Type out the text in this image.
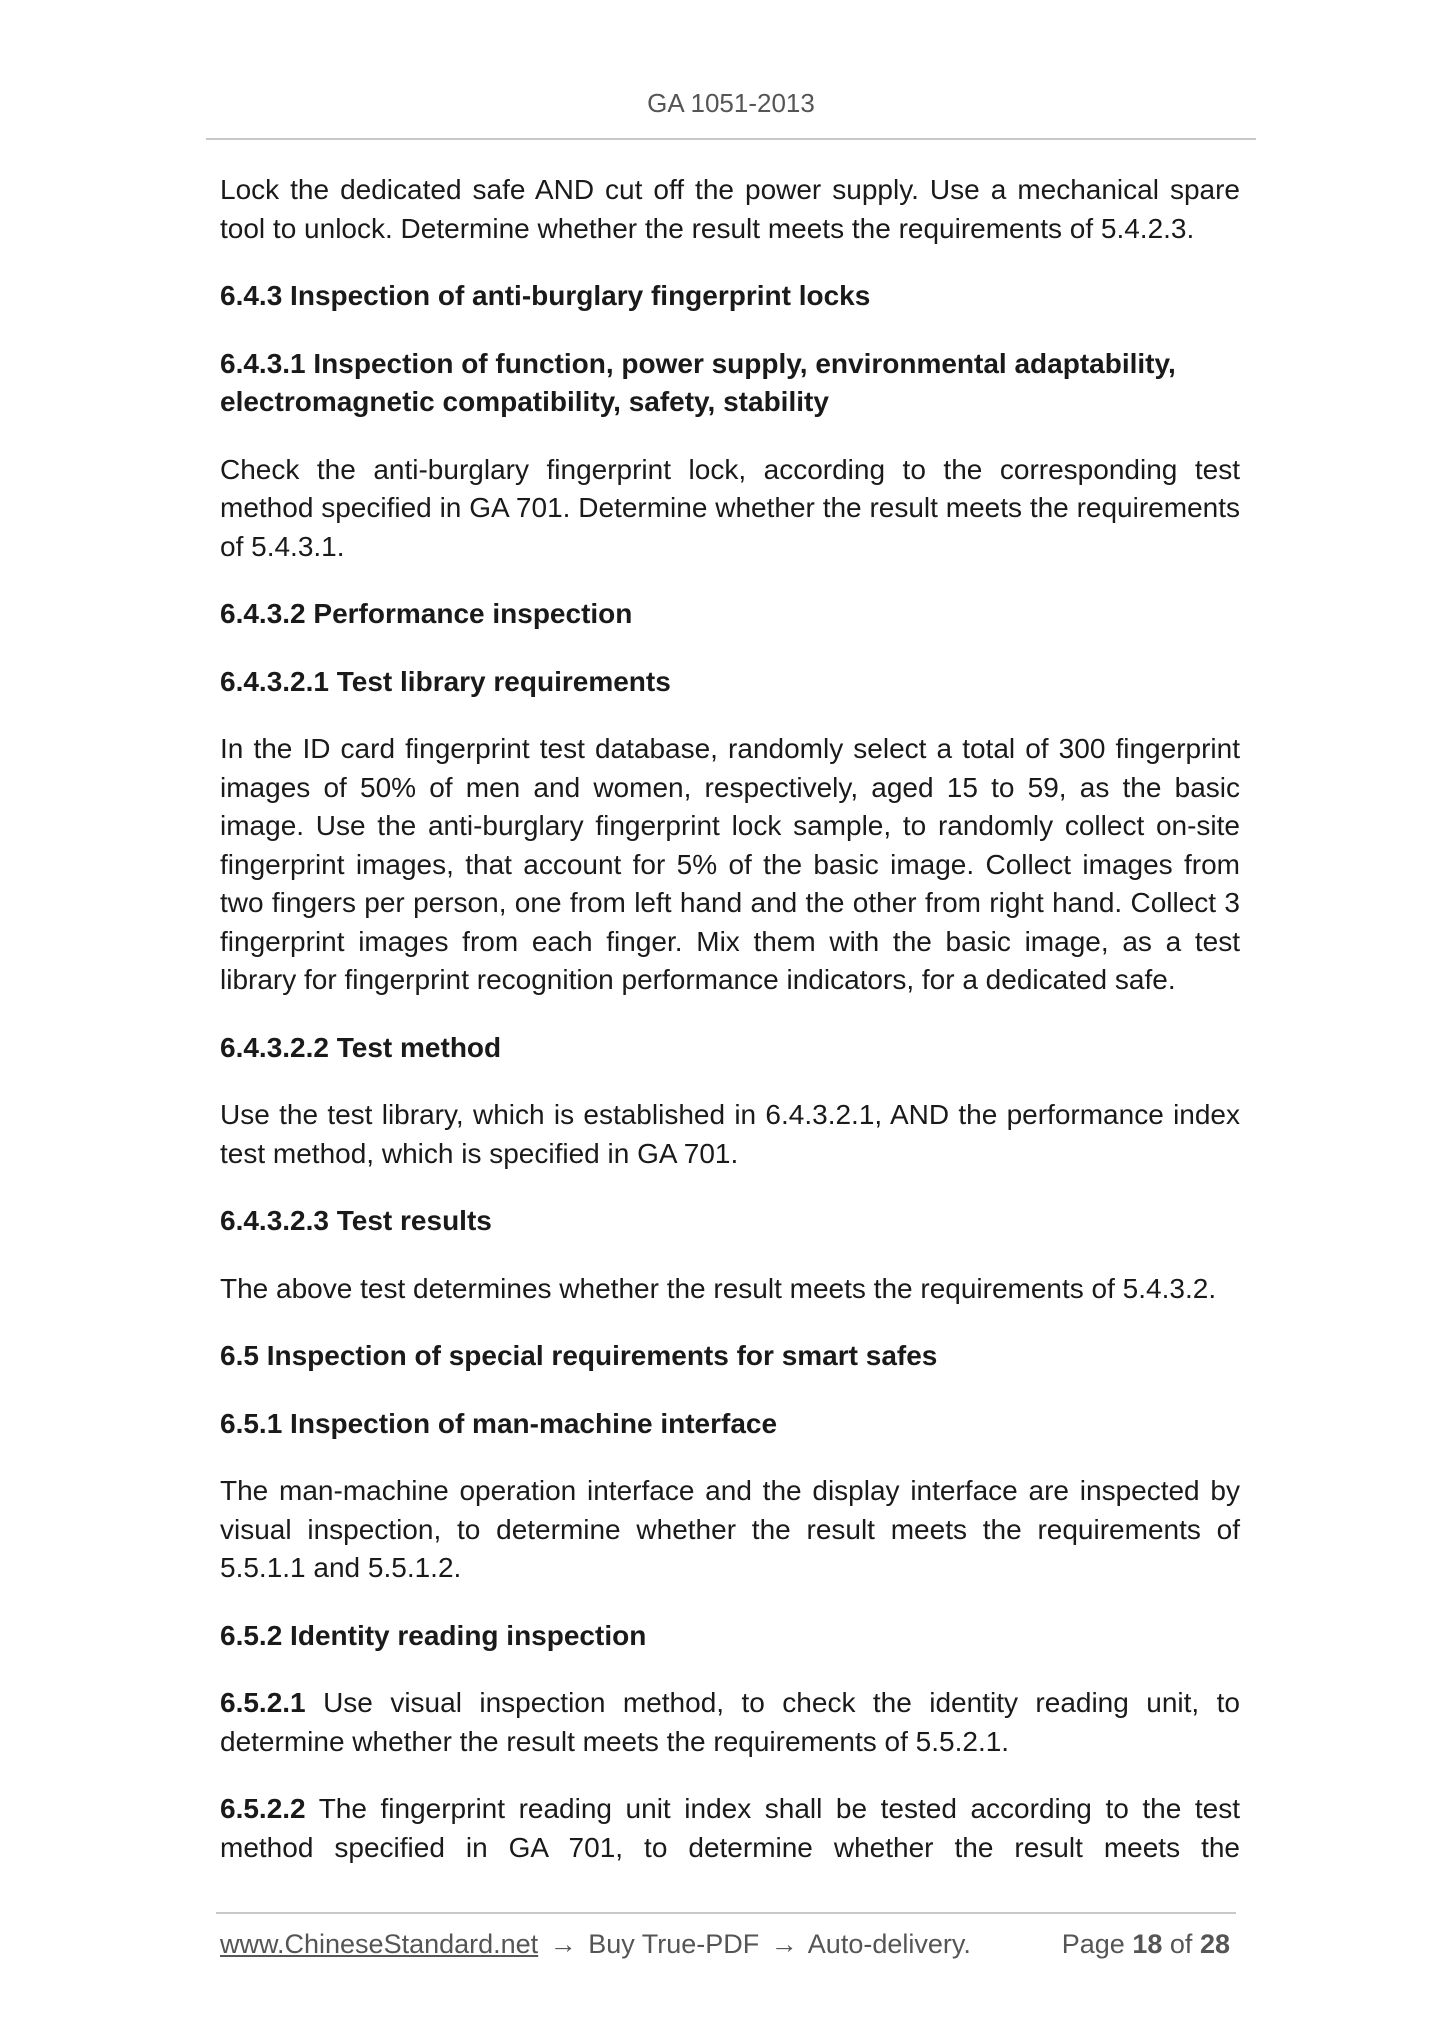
GA 1051-2013

Lock the dedicated safe AND cut off the power supply. Use a mechanical spare tool to unlock. Determine whether the result meets the requirements of 5.4.2.3.

6.4.3 Inspection of anti-burglary fingerprint locks
6.4.3.1 Inspection of function, power supply, environmental adaptability, electromagnetic compatibility, safety, stability

Check the anti-burglary fingerprint lock, according to the corresponding test method specified in GA 701. Determine whether the result meets the requirements of 5.4.3.1.

6.4.3.2 Performance inspection
6.4.3.2.1 Test library requirements

In the ID card fingerprint test database, randomly select a total of 300 fingerprint images of 50% of men and women, respectively, aged 15 to 59, as the basic image. Use the anti-burglary fingerprint lock sample, to randomly collect on-site fingerprint images, that account for 5% of the basic image. Collect images from two fingers per person, one from left hand and the other from right hand. Collect 3 fingerprint images from each finger. Mix them with the basic image, as a test library for fingerprint recognition performance indicators, for a dedicated safe.

6.4.3.2.2 Test method

Use the test library, which is established in 6.4.3.2.1, AND the performance index test method, which is specified in GA 701.

6.4.3.2.3 Test results

The above test determines whether the result meets the requirements of 5.4.3.2.

6.5 Inspection of special requirements for smart safes
6.5.1 Inspection of man-machine interface

The man-machine operation interface and the display interface are inspected by visual inspection, to determine whether the result meets the requirements of 5.5.1.1 and 5.5.1.2.

6.5.2 Identity reading inspection

6.5.2.1 Use visual inspection method, to check the identity reading unit, to determine whether the result meets the requirements of 5.5.2.1.

6.5.2.2 The fingerprint reading unit index shall be tested according to the test method specified in GA 701, to determine whether the result meets the

www.ChineseStandard.net → Buy True-PDF → Auto-delivery.	Page 18 of 28
